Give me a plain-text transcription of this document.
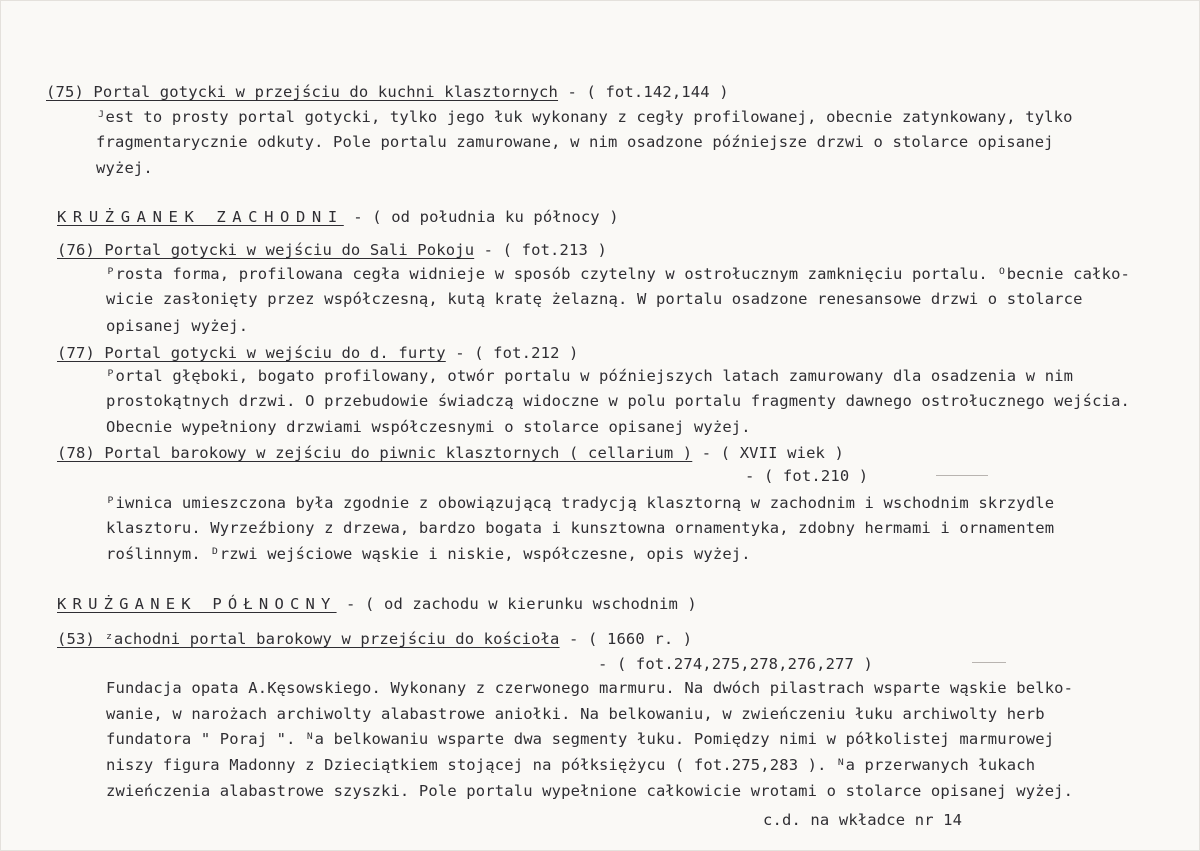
(75) Portal gotycki w przejściu do kuchni klasztornych - ( fot.142,144 )
ᴶest to prosty portal gotycki, tylko jego łuk wykonany z cegły profilowanej, obecnie zatynkowany, tylko
fragmentarycznie odkuty. Pole portalu zamurowane, w nim osadzone późniejsze drzwi o stolarce opisanej
wyżej.
KRUŻGANEK ZACHODNI - ( od południa ku północy )
(76) Portal gotycki w wejściu do Sali Pokoju - ( fot.213 )
ᴾrosta forma, profilowana cegła widnieje w sposób czytelny w ostrołucznym zamknięciu portalu. ᴼbecnie całko-
wicie zasłonięty przez współczesną, kutą kratę żelazną. W portalu osadzone renesansowe drzwi o stolarce
opisanej wyżej.
(77) Portal gotycki w wejściu do d. furty - ( fot.212 )
ᴾortal głęboki, bogato profilowany, otwór portalu w późniejszych latach zamurowany dla osadzenia w nim
prostokątnych drzwi. O przebudowie świadczą widoczne w polu portalu fragmenty dawnego ostrołucznego wejścia.
Obecnie wypełniony drzwiami współczesnymi o stolarce opisanej wyżej.
(78) Portal barokowy w zejściu do piwnic klasztornych ( cellarium ) - ( XVII wiek )
- ( fot.210 )
ᴾiwnica umieszczona była zgodnie z obowiązującą tradycją klasztorną w zachodnim i wschodnim skrzydle
klasztoru. Wyrzeźbiony z drzewa, bardzo bogata i kunsztowna ornamentyka, zdobny hermami i ornamentem
roślinnym. ᴰrzwi wejściowe wąskie i niskie, współczesne, opis wyżej.
KRUŻGANEK PÓŁNOCNY - ( od zachodu w kierunku wschodnim )
(53) ᶻachodni portal barokowy w przejściu do kościoła - ( 1660 r. )
- ( fot.274,275,278,276,277 )
Fundacja opata A.Kęsowskiego. Wykonany z czerwonego marmuru. Na dwóch pilastrach wsparte wąskie belko-
wanie, w narożach archiwolty alabastrowe aniołki. Na belkowaniu, w zwieńczeniu łuku archiwolty herb
fundatora " Poraj ". ᴺa belkowaniu wsparte dwa segmenty łuku. Pomiędzy nimi w półkolistej marmurowej
niszy figura Madonny z Dzieciątkiem stojącej na półksiężycu ( fot.275,283 ). ᴺa przerwanych łukach
zwieńczenia alabastrowe szyszki. Pole portalu wypełnione całkowicie wrotami o stolarce opisanej wyżej.
c.d. na wkładce nr 14
